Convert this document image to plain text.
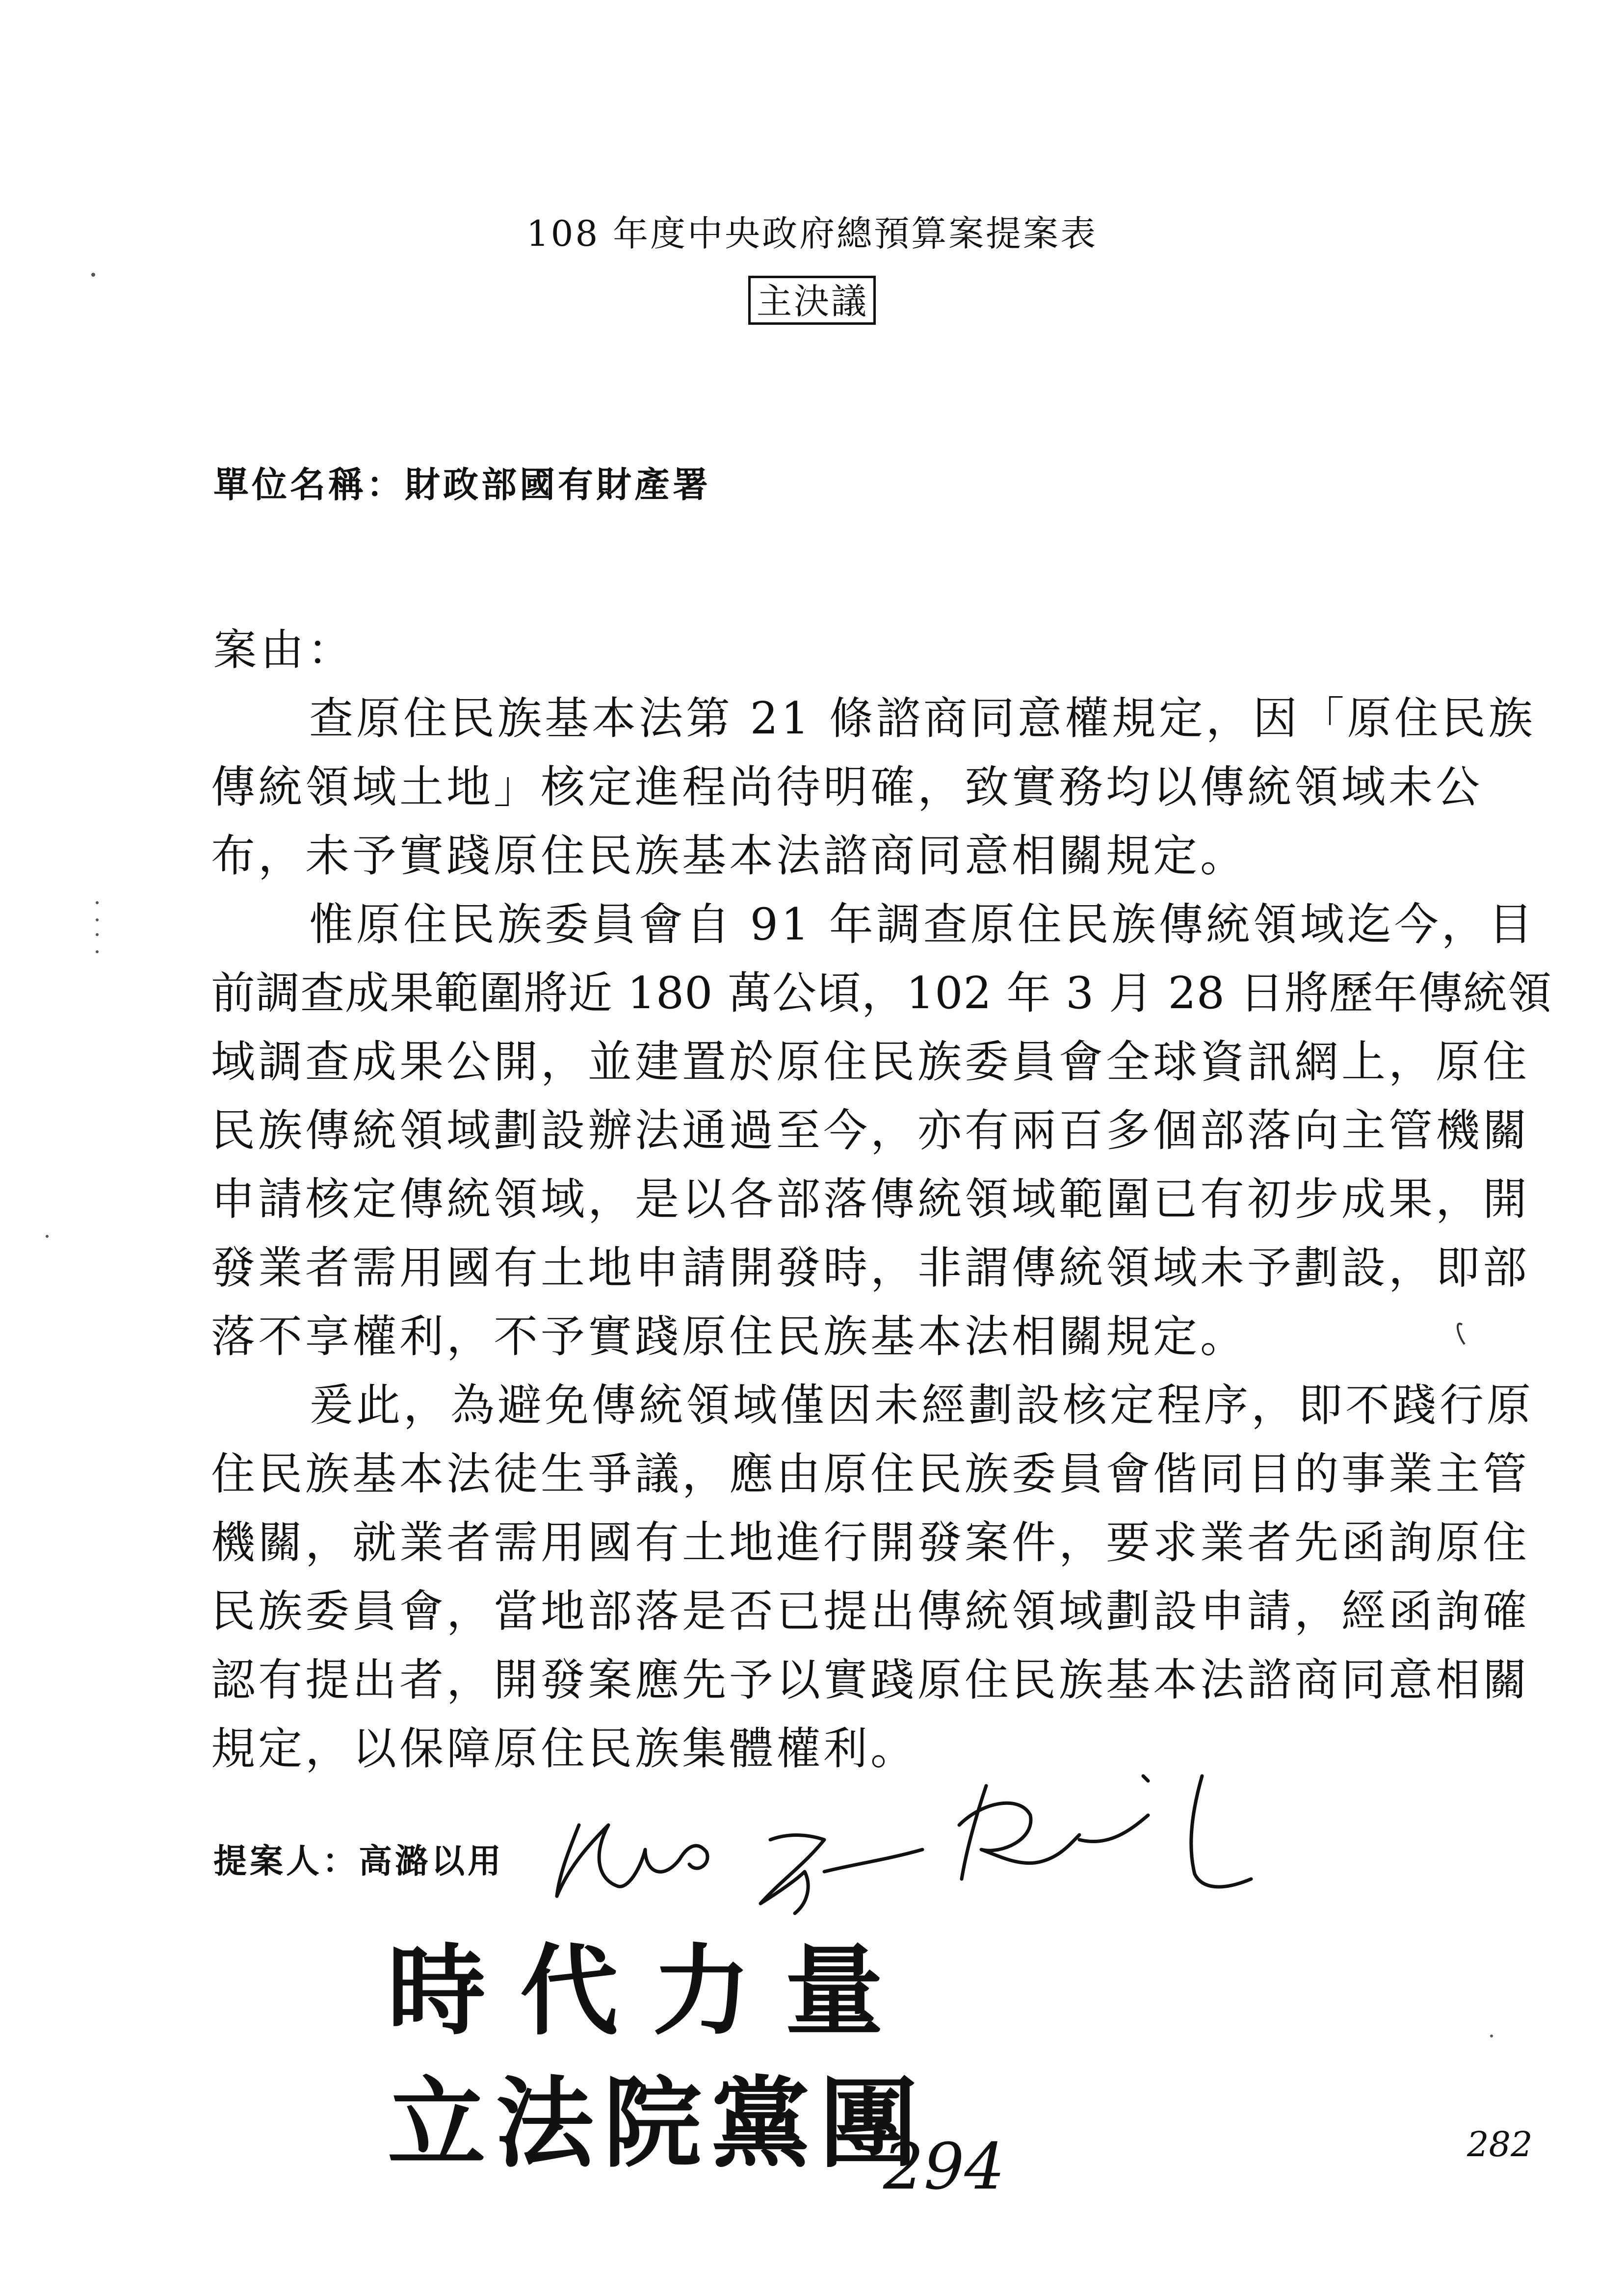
108 年度中央政府總預算案提案表
主決議
單位名稱：財政部國有財產署
案由：
查原住民族基本法第 21 條諮商同意權規定，因「原住民族
傳統領域土地」核定進程尚待明確，致實務均以傳統領域未公
布，未予實踐原住民族基本法諮商同意相關規定。
惟原住民族委員會自 91 年調查原住民族傳統領域迄今，目
前調查成果範圍將近 180 萬公頃，102 年 3 月 28 日將歷年傳統領
域調查成果公開，並建置於原住民族委員會全球資訊網上，原住
民族傳統領域劃設辦法通過至今，亦有兩百多個部落向主管機關
申請核定傳統領域，是以各部落傳統領域範圍已有初步成果，開
發業者需用國有土地申請開發時，非謂傳統領域未予劃設，即部
落不享權利，不予實踐原住民族基本法相關規定。
爰此，為避免傳統領域僅因未經劃設核定程序，即不踐行原
住民族基本法徒生爭議，應由原住民族委員會偕同目的事業主管
機關，就業者需用國有土地進行開發案件，要求業者先函詢原住
民族委員會，當地部落是否已提出傳統領域劃設申請，經函詢確
認有提出者，開發案應先予以實踐原住民族基本法諮商同意相關
規定，以保障原住民族集體權利。
提案人：高潞以用
時代力量
立法院黨團
294	282
